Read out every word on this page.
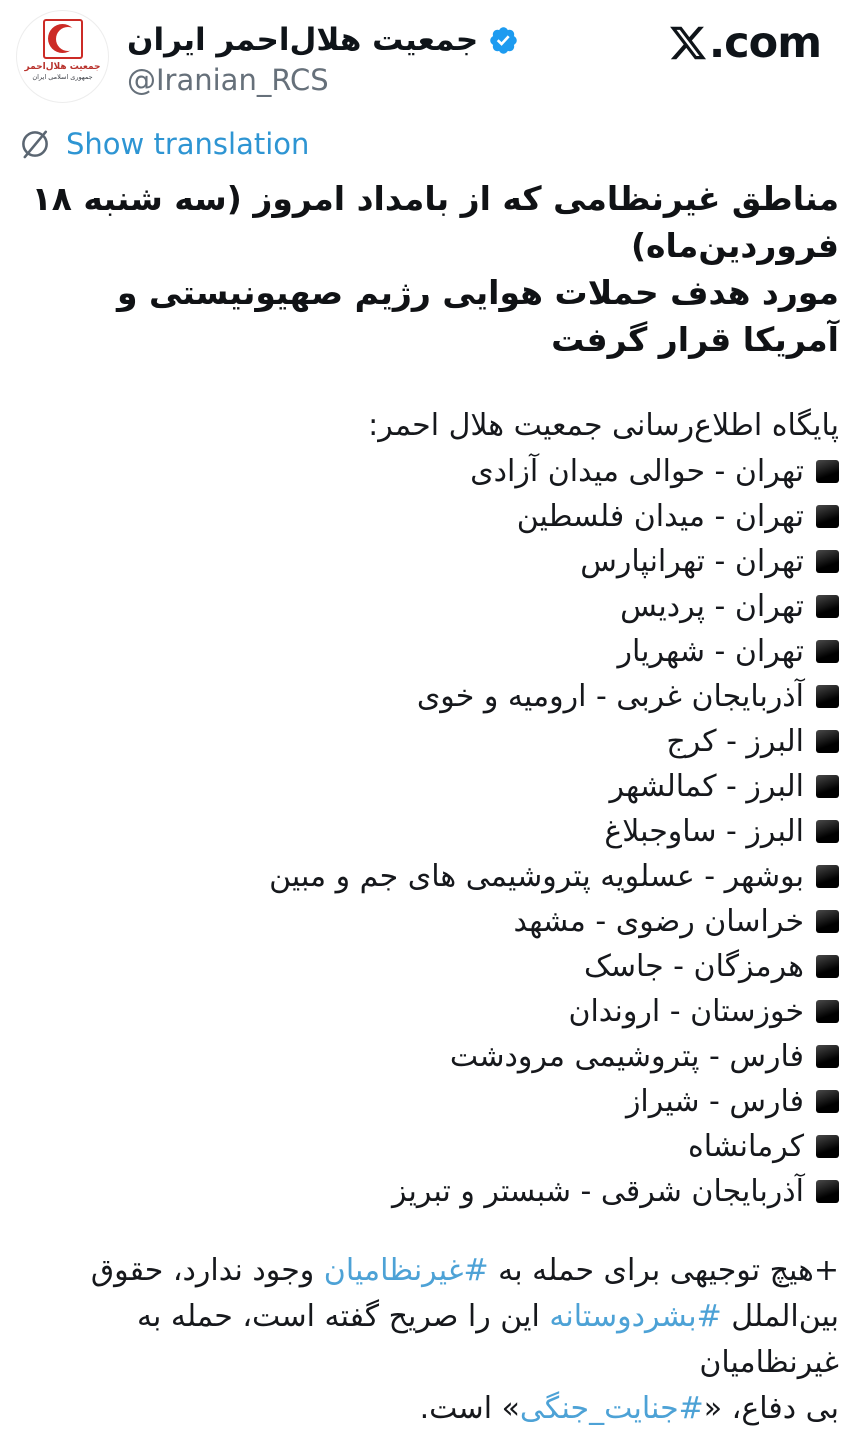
جمعیت هلال‌احمر
جمهوری اسلامی ایران
جمعیت هلال‌احمر ایران
@Iranian_RCS
.com
Show translation
مناطق غیرنظامی که از بامداد امروز (سه شنبه ۱۸ فروردین‌ماه)
مورد هدف حملات هوایی رژیم صهیونیستی و آمریکا قرار گرفت
پایگاه اطلاع‌رسانی جمعیت هلال احمر:
تهران - حوالی میدان آزادی
تهران - میدان فلسطین
تهران - تهرانپارس
تهران - پردیس
تهران - شهریار
آذربایجان غربی - ارومیه و خوی
البرز - کرج
البرز - کمالشهر
البرز - ساوجبلاغ
بوشهر - عسلویه پتروشیمی های جم و مبین
خراسان رضوی - مشهد
هرمزگان - جاسک
خوزستان - اروندان
فارس - پتروشیمی مرودشت
فارس - شیراز
کرمانشاه
آذربایجان شرقی - شبستر و تبریز
+هیچ توجیهی برای حمله به #غیرنظامیان وجود ندارد، حقوق
بین‌الملل #بشردوستانه این را صریح گفته است، حمله به غیرنظامیان
بی دفاع، «#جنایت_جنگی» است.
